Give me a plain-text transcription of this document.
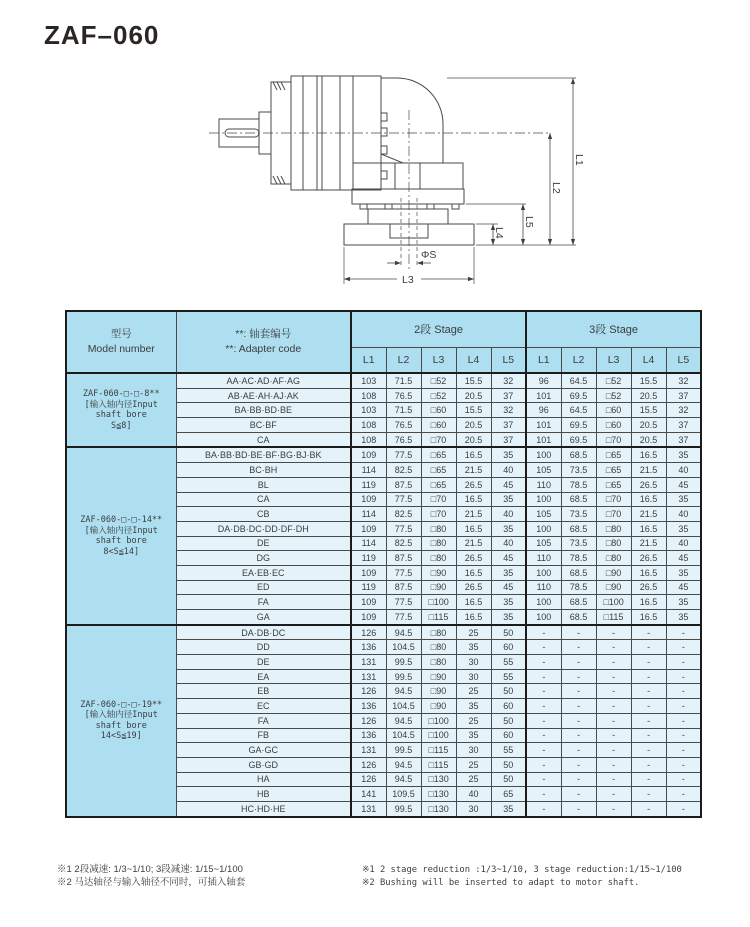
ZAF–060
L1
L2
L5
L4
ΦS
L3
型号
Model number

**: 轴套编号
**: Adapter code
	2段 Stage	3段 Stage
		L1	L2	L3	L4	L5	L1	L2	L3	L4	L5

ZAF-060-□-□-8**
[输入轴内径Input
shaft bore
S≦8]	AA·AC·AD·AF·AG	103	71.5	□52	15.5	32	96	64.5	□52	15.5	32
	AB·AE·AH·AJ·AK	108	76.5	□52	20.5	37	101	69.5	□52	20.5	37
	BA·BB·BD·BE	103	71.5	□60	15.5	32	96	64.5	□60	15.5	32
	BC·BF	108	76.5	□60	20.5	37	101	69.5	□60	20.5	37
	CA	108	76.5	□70	20.5	37	101	69.5	□70	20.5	37

ZAF-060-□-□-14**
[输入轴内径Input
shaft bore
8<S≦14]	BA·BB·BD·BE·BF·BG·BJ·BK	109	77.5	□65	16.5	35	100	68.5	□65	16.5	35
	BC·BH	114	82.5	□65	21.5	40	105	73.5	□65	21.5	40
	BL	119	87.5	□65	26.5	45	110	78.5	□65	26.5	45
	CA	109	77.5	□70	16.5	35	100	68.5	□70	16.5	35
	CB	114	82.5	□70	21.5	40	105	73.5	□70	21.5	40
	DA·DB·DC·DD·DF·DH	109	77.5	□80	16.5	35	100	68.5	□80	16.5	35
	DE	114	82.5	□80	21.5	40	105	73.5	□80	21.5	40
	DG	119	87.5	□80	26.5	45	110	78.5	□80	26.5	45
	EA·EB·EC	109	77.5	□90	16.5	35	100	68.5	□90	16.5	35
	ED	119	87.5	□90	26.5	45	110	78.5	□90	26.5	45
	FA	109	77.5	□100	16.5	35	100	68.5	□100	16.5	35
	GA	109	77.5	□115	16.5	35	100	68.5	□115	16.5	35

ZAF-060-□-□-19**
[输入轴内径Input
shaft bore
14<S≦19]	DA·DB·DC	126	94.5	□80	25	50	-	-	-	-	-
	DD	136	104.5	□80	35	60	-	-	-	-	-
	DE	131	99.5	□80	30	55	-	-	-	-	-
	EA	131	99.5	□90	30	55	-	-	-	-	-
	EB	126	94.5	□90	25	50	-	-	-	-	-
	EC	136	104.5	□90	35	60	-	-	-	-	-
	FA	126	94.5	□100	25	50	-	-	-	-	-
	FB	136	104.5	□100	35	60	-	-	-	-	-
	GA·GC	131	99.5	□115	30	55	-	-	-	-	-
	GB·GD	126	94.5	□115	25	50	-	-	-	-	-
	HA	126	94.5	□130	25	50	-	-	-	-	-
	HB	141	109.5	□130	40	65	-	-	-	-	-
	HC·HD·HE	131	99.5	□130	30	35	-	-	-	-	-
※1 2段减速: 1/3~1/10; 3段减速: 1/15~1/100
※2 马达轴径与输入轴径不同时，可插入轴套
※1 2 stage reduction :1/3~1/10, 3 stage reduction:1/15~1/100
※2 Bushing will be inserted to adapt to motor shaft.
